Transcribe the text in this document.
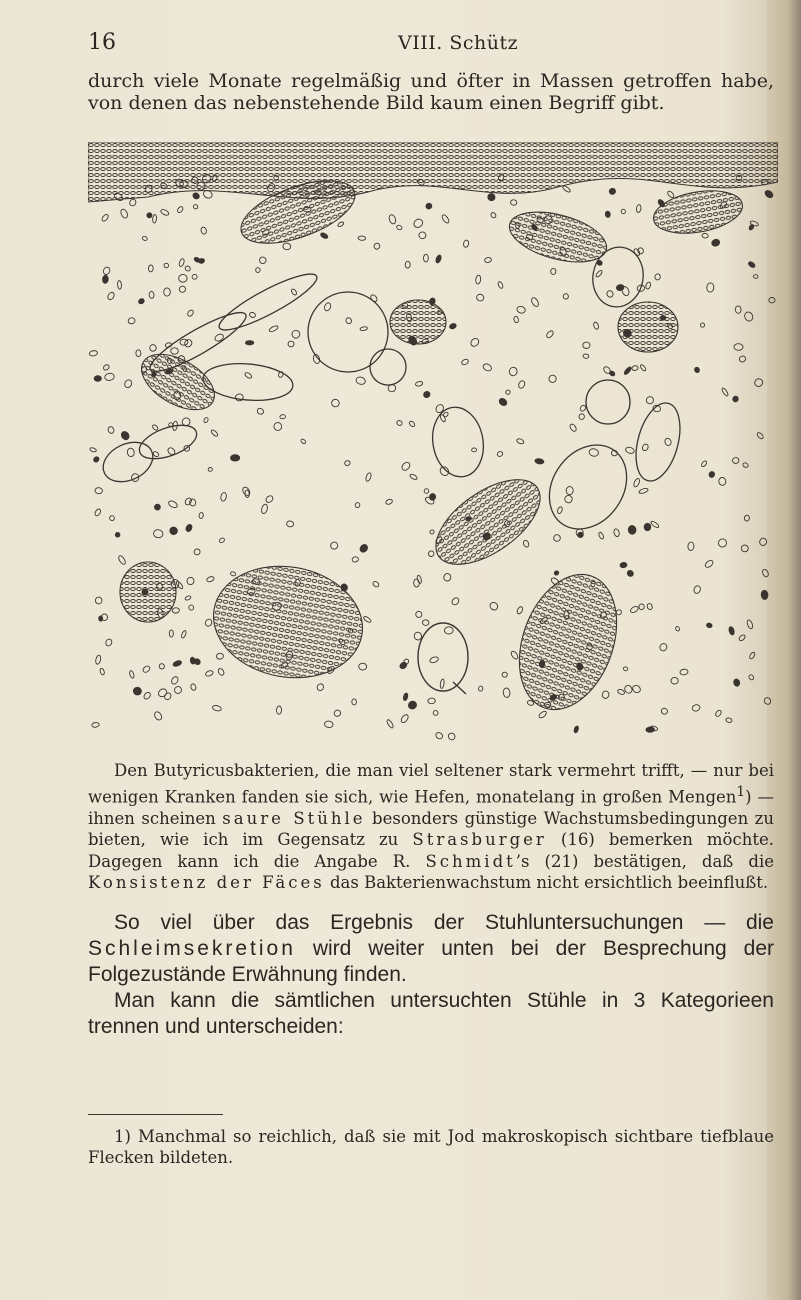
16	VIII. Schütz

durch viele Monate regelmäßig und öfter in Massen getroffen habe, von denen das nebenstehende Bild kaum einen Begriff gibt.

Den Butyricusbakterien, die man viel seltener stark vermehrt trifft, — nur bei wenigen Kranken fanden sie sich, wie Hefen, monatelang in großen Mengen$^1$) — ihnen scheinen saure Stühle besonders günstige Wachstumsbedingungen zu bieten, wie ich im Gegensatz zu Strasburger (16) bemerken möchte. Dagegen kann ich die Angabe R. Schmidt’s (21) bestätigen, daß die Konsistenz der Fäces das Bakterienwachstum nicht ersichtlich beeinflußt.

So viel über das Ergebnis der Stuhluntersuchungen — die Schleimsekretion wird weiter unten bei der Besprechung der Folgezustände Erwähnung finden.

Man kann die sämtlichen untersuchten Stühle in 3 Kategorieen trennen und unterscheiden:

1) Manchmal so reichlich, daß sie mit Jod makroskopisch sichtbare tiefblaue Flecken bildeten.
